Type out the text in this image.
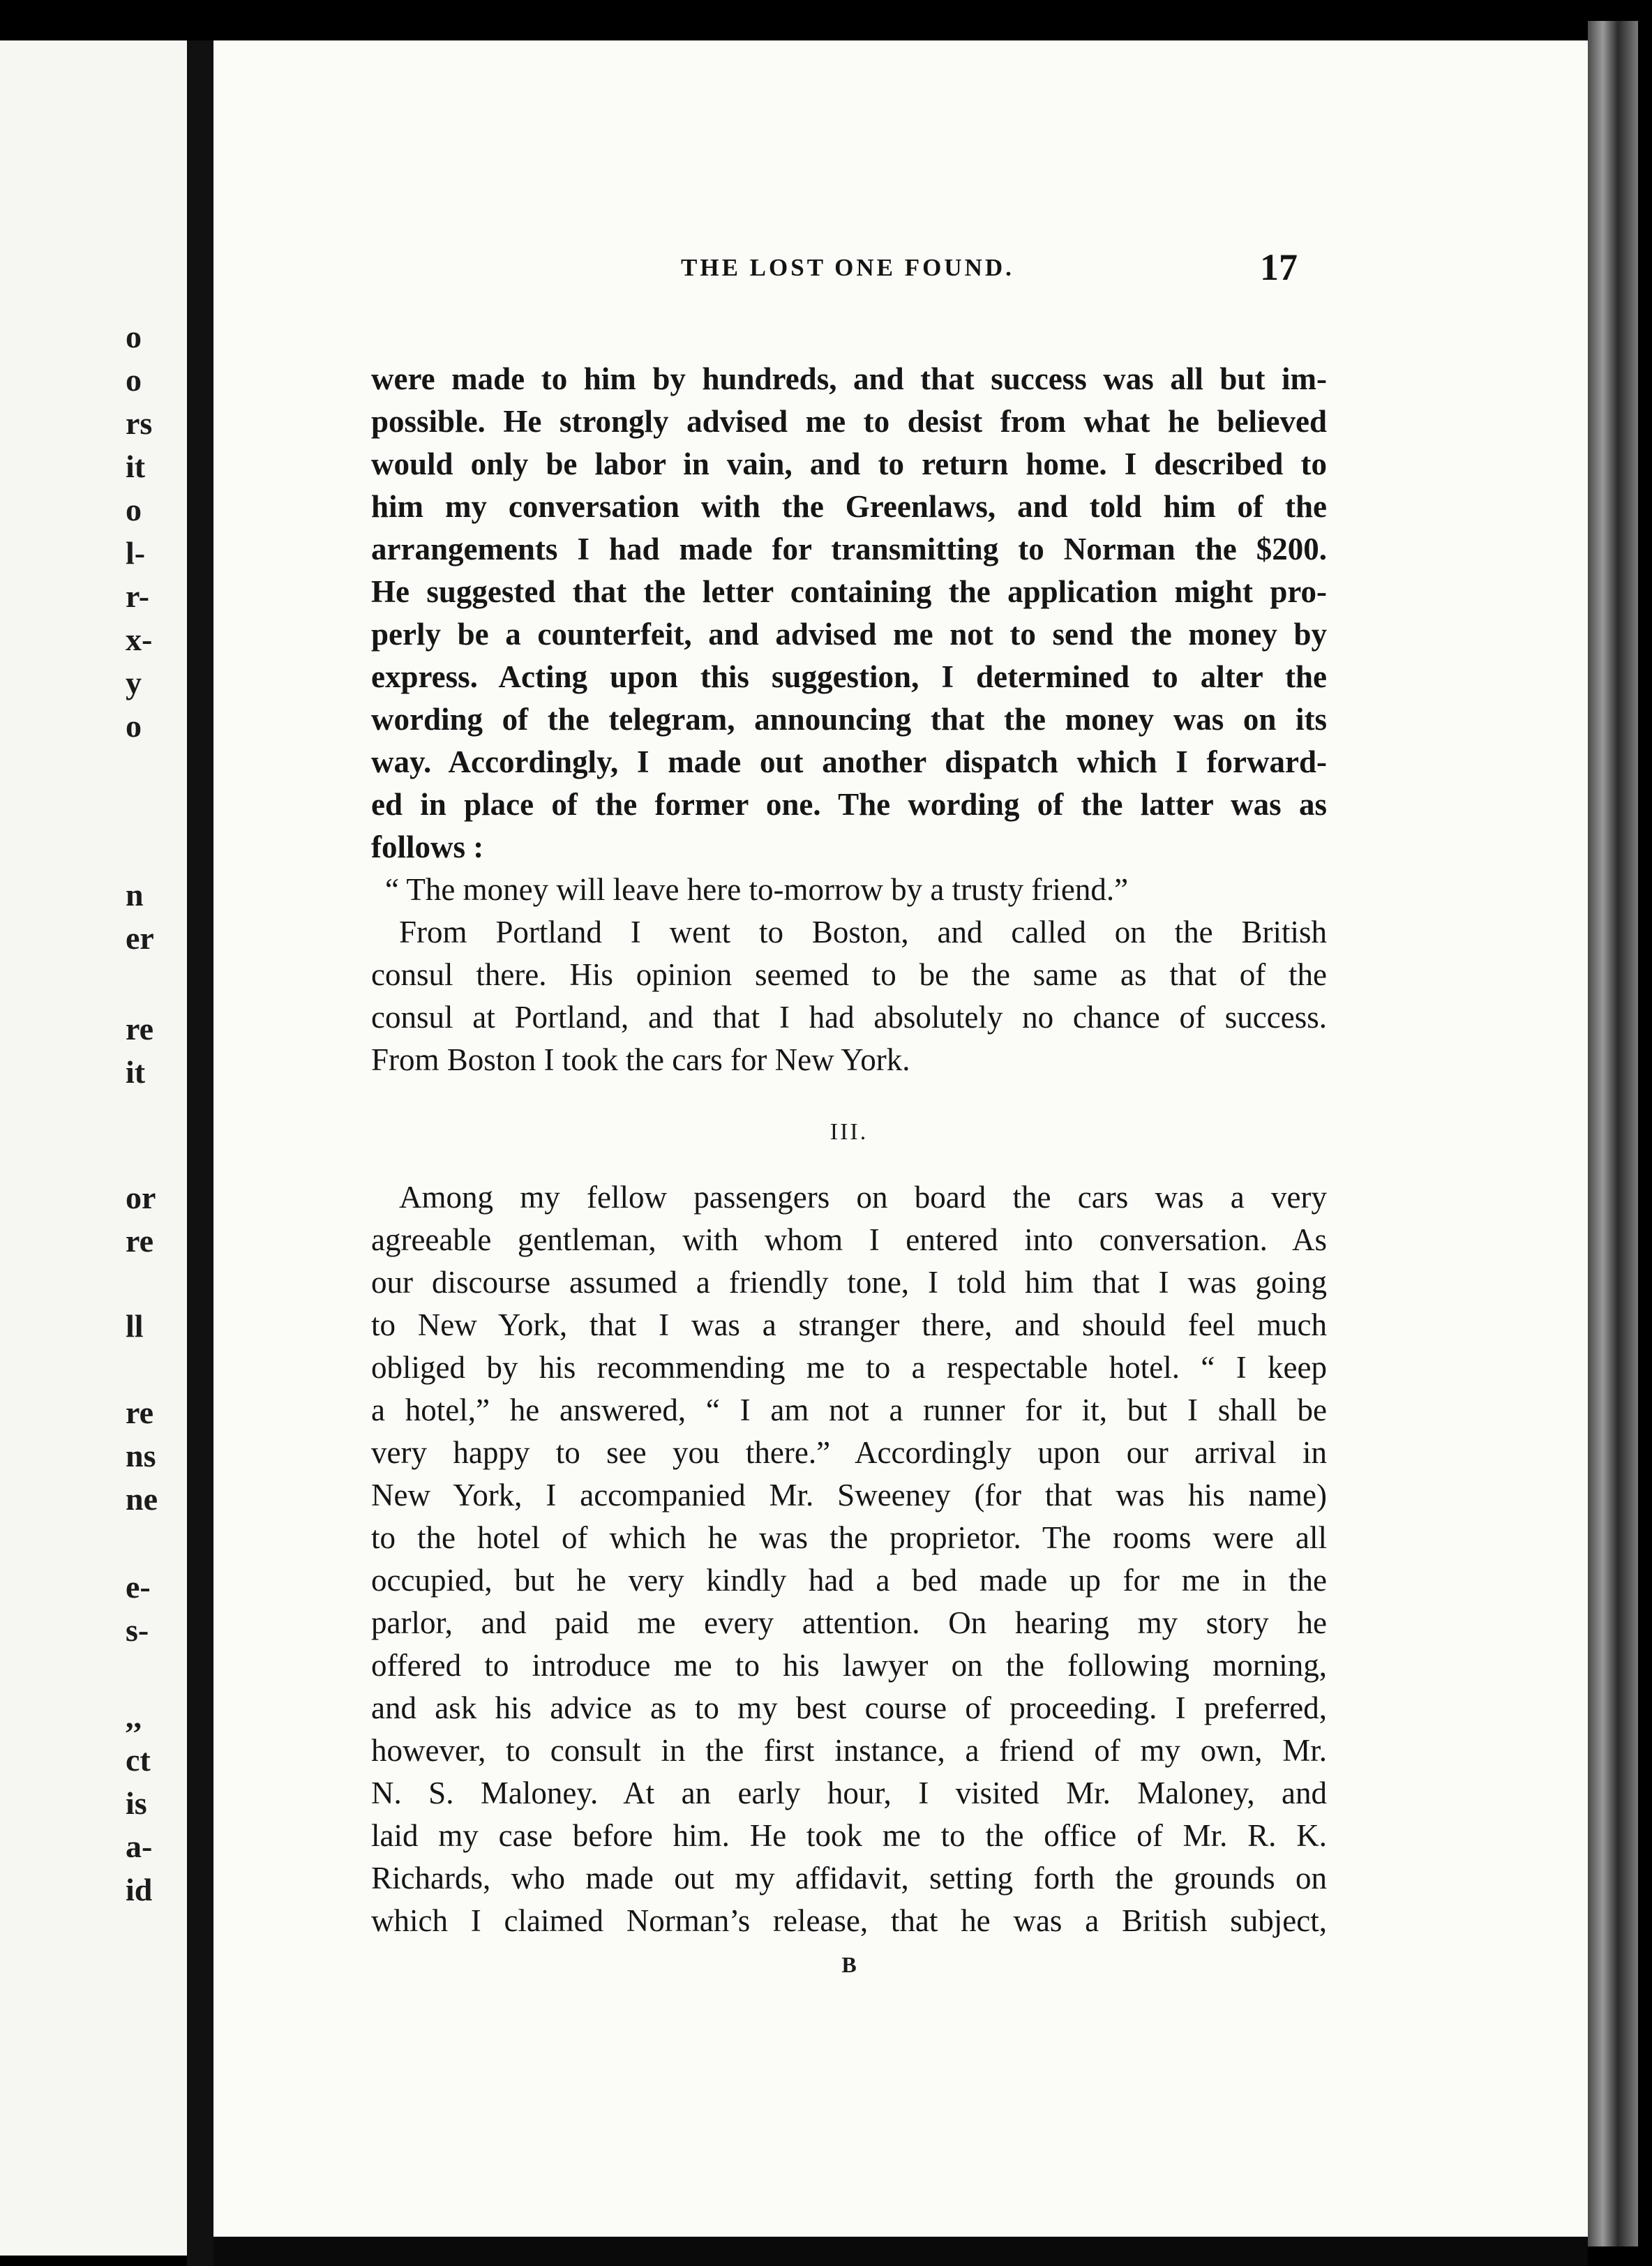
o
o
rs
it
o
l-
r-
x-
y
o
n
er
re
it
or
re
ll
re
ns
ne
e-
s-
,,
ct
is
a-
id
THE LOST ONE FOUND.	17
were made to him by hundreds, and that success was all but im-
possible. He strongly advised me to desist from what he believed
would only be labor in vain, and to return home. I described to
him my conversation with the Greenlaws, and told him of the
arrangements I had made for transmitting to Norman the $200.
He suggested that the letter containing the application might pro-
perly be a counterfeit, and advised me not to send the money by
express. Acting upon this suggestion, I determined to alter the
wording of the telegram, announcing that the money was on its
way. Accordingly, I made out another dispatch which I forward-
ed in place of the former one. The wording of the latter was as
follows :
“ The money will leave here to-morrow by a trusty friend.”
From Portland I went to Boston, and called on the British
consul there. His opinion seemed to be the same as that of the
consul at Portland, and that I had absolutely no chance of success.
From Boston I took the cars for New York.
III.
Among my fellow passengers on board the cars was a very
agreeable gentleman, with whom I entered into conversation. As
our discourse assumed a friendly tone, I told him that I was going
to New York, that I was a stranger there, and should feel much
obliged by his recommending me to a respectable hotel. “ I keep
a hotel,” he answered, “ I am not a runner for it, but I shall be
very happy to see you there.” Accordingly upon our arrival in
New York, I accompanied Mr. Sweeney (for that was his name)
to the hotel of which he was the proprietor. The rooms were all
occupied, but he very kindly had a bed made up for me in the
parlor, and paid me every attention. On hearing my story he
offered to introduce me to his lawyer on the following morning,
and ask his advice as to my best course of proceeding. I preferred,
however, to consult in the first instance, a friend of my own, Mr.
N. S. Maloney. At an early hour, I visited Mr. Maloney, and
laid my case before him. He took me to the office of Mr. R. K.
Richards, who made out my affidavit, setting forth the grounds on
which I claimed Norman’s release, that he was a British subject,
B
